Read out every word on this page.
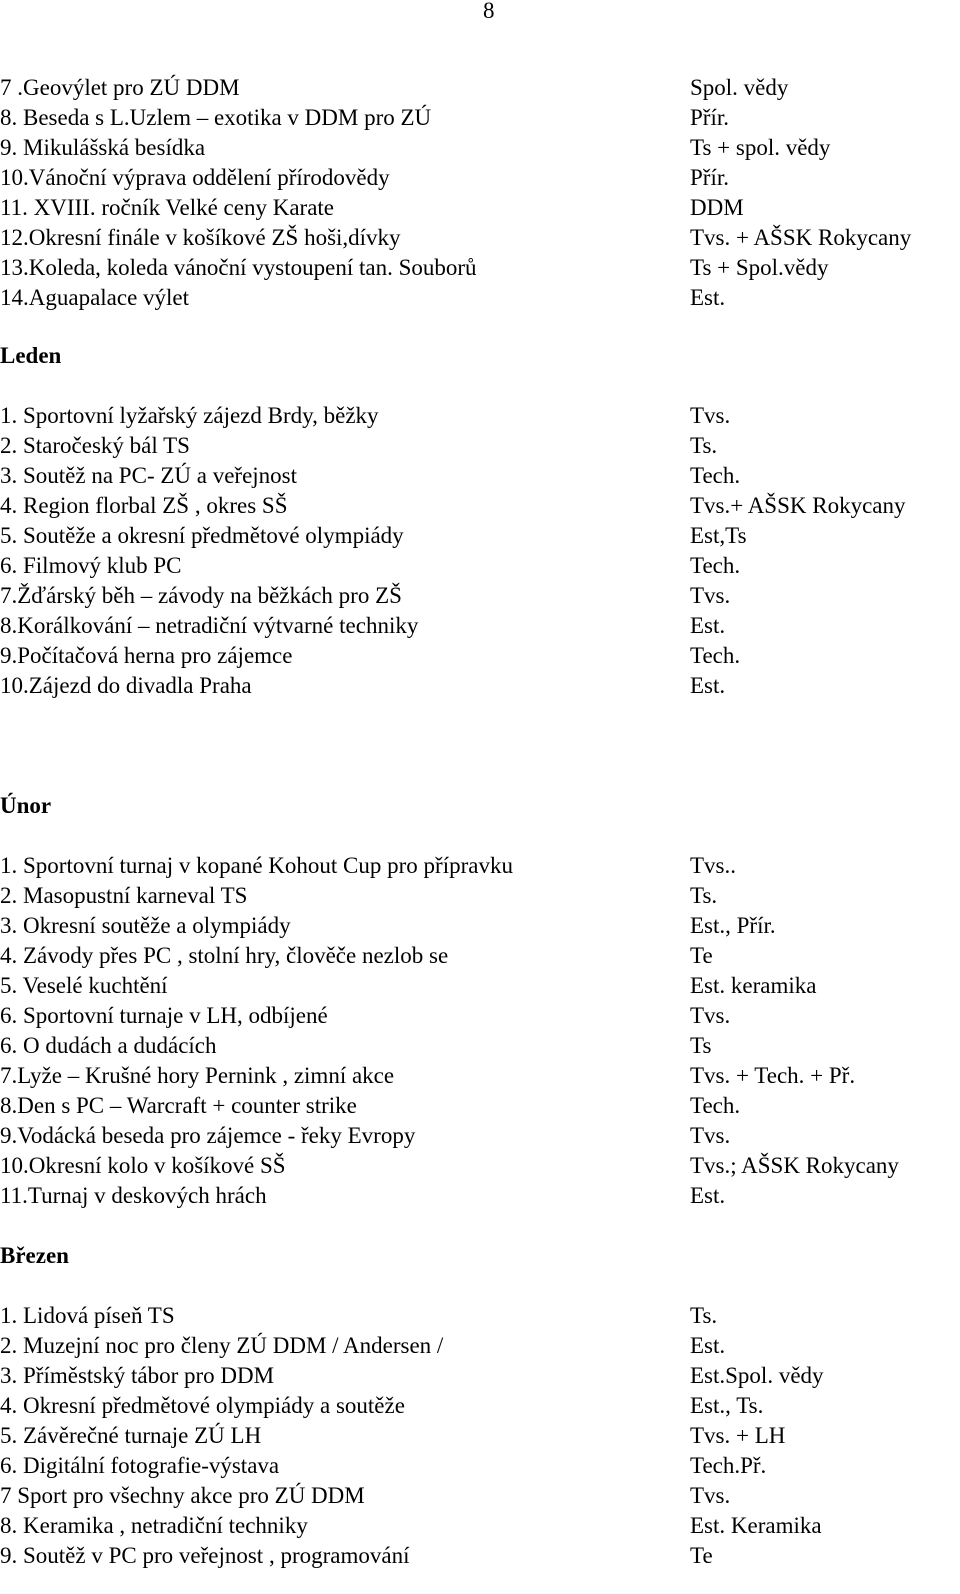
8
7 .Geovýlet pro ZÚ DDM	Spol. vědy
8. Beseda s L.Uzlem – exotika v DDM pro ZÚ	Přír.
9. Mikulášská besídka	Ts + spol. vědy
10.Vánoční výprava oddělení přírodovědy	Přír.
11. XVIII. ročník Velké ceny Karate	DDM
12.Okresní finále v košíkové ZŠ hoši,dívky	Tvs. + AŠSK Rokycany
13.Koleda, koleda vánoční vystoupení tan. Souborů	Ts + Spol.vědy
14.Aguapalace výlet	Est.
Leden
1. Sportovní lyžařský zájezd Brdy, běžky	Tvs.
2. Staročeský bál TS	Ts.
3. Soutěž na PC- ZÚ a veřejnost	Tech.
4. Region florbal ZŠ , okres SŠ	Tvs.+ AŠSK Rokycany
5. Soutěže a okresní předmětové olympiády	Est,Ts
6. Filmový klub PC	Tech.
7.Žďárský běh – závody na běžkách pro ZŠ	Tvs.
8.Korálkování – netradiční výtvarné techniky	Est.
9.Počítačová herna pro zájemce	Tech.
10.Zájezd do divadla Praha	Est.
Únor
1. Sportovní turnaj v kopané Kohout Cup pro přípravku	Tvs..
2. Masopustní karneval TS	Ts.
3. Okresní soutěže a olympiády	Est., Přír.
4. Závody přes PC , stolní hry, člověče nezlob se	Te
5. Veselé kuchtění	Est. keramika
6. Sportovní turnaje v LH, odbíjené	Tvs.
6. O dudách a dudácích	Ts
7.Lyže – Krušné hory Pernink , zimní akce	Tvs. + Tech. + Př.
8.Den s PC – Warcraft + counter strike	Tech.
9.Vodácká beseda pro zájemce - řeky Evropy	Tvs.
10.Okresní kolo v košíkové SŠ	Tvs.; AŠSK Rokycany
11.Turnaj v deskových hrách	Est.
Březen
1. Lidová píseň TS	Ts.
2. Muzejní noc pro členy ZÚ DDM / Andersen /	Est.
3. Příměstský tábor pro DDM	Est.Spol. vědy
4. Okresní předmětové olympiády a soutěže	Est., Ts.
5. Závěrečné turnaje ZÚ LH	Tvs. + LH
6. Digitální fotografie-výstava	Tech.Př.
7 Sport pro všechny akce pro ZÚ DDM	Tvs.
8. Keramika , netradiční techniky	Est. Keramika
9. Soutěž v PC pro veřejnost , programování	Te
